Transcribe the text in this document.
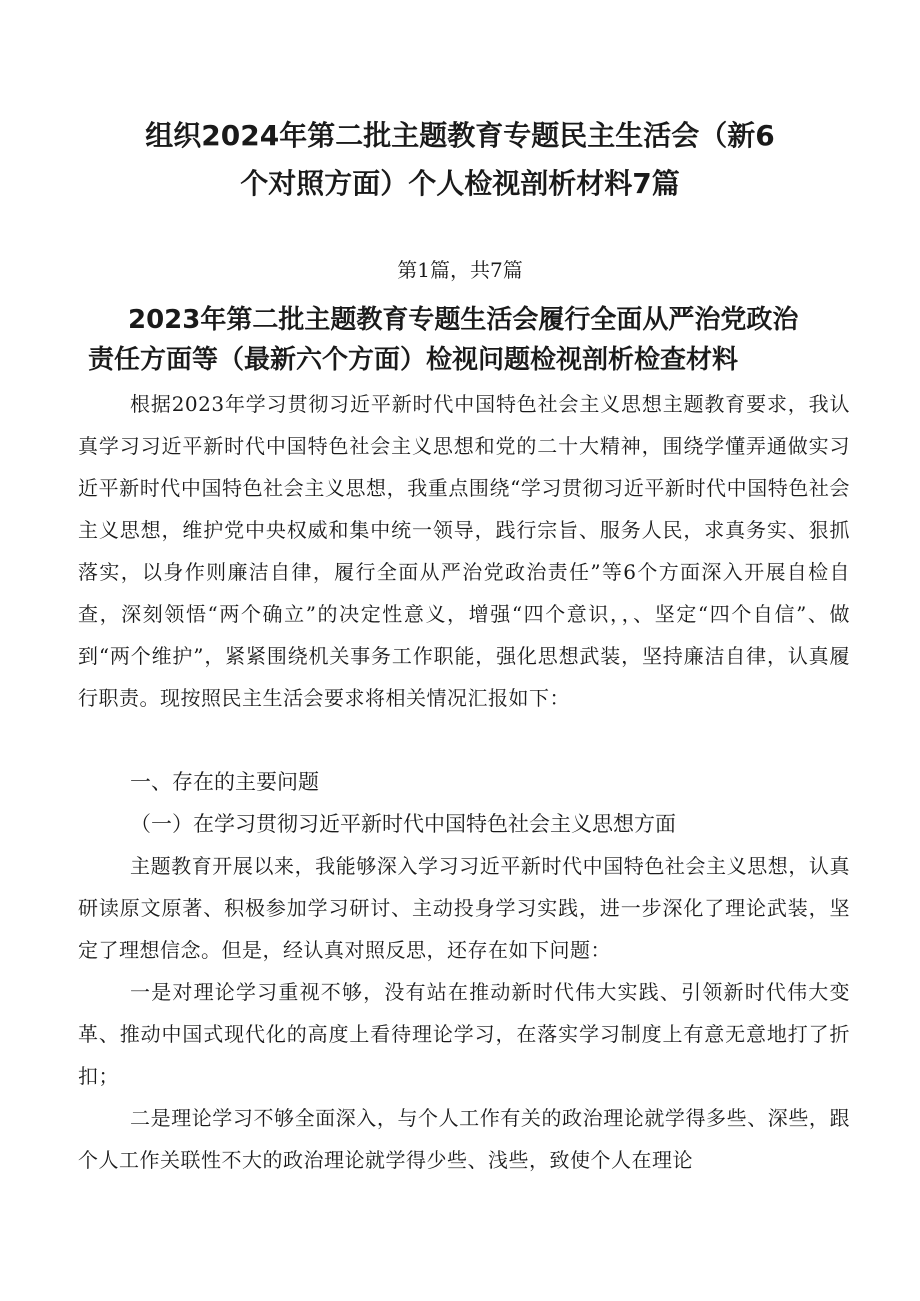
组织2024年第二批主题教育专题民主生活会（新6
个对照方面）个人检视剖析材料7篇
第1篇，共7篇
2023年第二批主题教育专题生活会履行全面从严治党政治
责任方面等（最新六个方面）检视问题检视剖析检查材料
根据2023年学习贯彻习近平新时代中国特色社会主义思想主题教育要求，我认真学习习近平新时代中国特色社会主义思想和党的二十大精神，围绕学懂弄通做实习近平新时代中国特色社会主义思想，我重点围绕“学习贯彻习近平新时代中国特色社会主义思想，维护党中央权威和集中统一领导，践行宗旨、服务人民，求真务实、狠抓落实，以身作则廉洁自律，履行全面从严治党政治责任”等6个方面深入开展自检自查，深刻领悟“两个确立”的决定性意义，增强“四个意识，，、坚定“四个自信”、做到“两个维护”，紧紧围绕机关事务工作职能，强化思想武装，坚持廉洁自律，认真履行职责。现按照民主生活会要求将相关情况汇报如下：
一、存在的主要问题
（一）在学习贯彻习近平新时代中国特色社会主义思想方面
主题教育开展以来，我能够深入学习习近平新时代中国特色社会主义思想，认真研读原文原著、积极参加学习研讨、主动投身学习实践，进一步深化了理论武装，坚定了理想信念。但是，经认真对照反思，还存在如下问题：
一是对理论学习重视不够，没有站在推动新时代伟大实践、引领新时代伟大变革、推动中国式现代化的高度上看待理论学习，在落实学习制度上有意无意地打了折扣；
二是理论学习不够全面深入，与个人工作有关的政治理论就学得多些、深些，跟个人工作关联性不大的政治理论就学得少些、浅些，致使个人在理论
